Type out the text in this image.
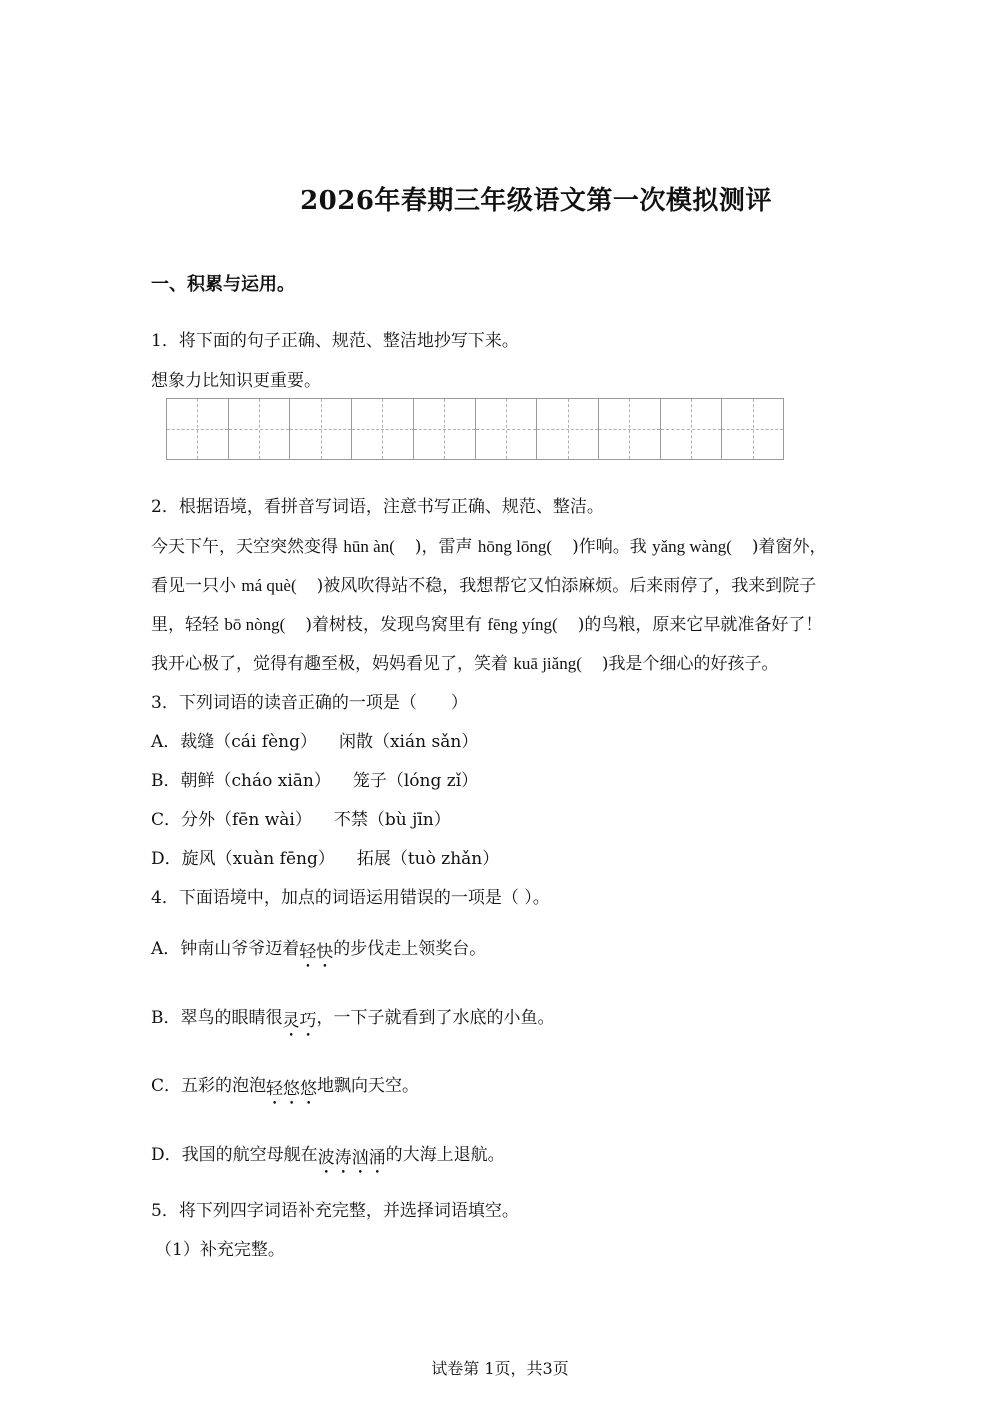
2026年春期三年级语文第一次模拟测评
一、积累与运用。
1．将下面的句子正确、规范、整洁地抄写下来。
想象力比知识更重要。
2．根据语境，看拼音写词语，注意书写正确、规范、整洁。
今天下午，天空突然变得 hūn àn( )，雷声 hōng lōng( )作响。我 yǎng wàng( )着窗外，
看见一只小 má què( )被风吹得站不稳，我想帮它又怕添麻烦。后来雨停了，我来到院子
里，轻轻 bō nòng( )着树枝，发现鸟窝里有 fēng yíng( )的鸟粮，原来它早就准备好了！
我开心极了，觉得有趣至极，妈妈看见了，笑着 kuā jiǎng( )我是个细心的好孩子。
3．下列词语的读音正确的一项是（　　）
A．裁缝（cái fèng） 闲散（xián sǎn）
B．朝鲜（cháo xiān） 笼子（lóng zǐ）
C．分外（fēn wài） 不禁（bù jīn）
D．旋风（xuàn fēng） 拓展（tuò zhǎn）
4．下面语境中，加点的词语运用错误的一项是（ ）。
A．钟南山爷爷迈着轻快的步伐走上领奖台。
B．翠鸟的眼睛很灵巧，一下子就看到了水底的小鱼。
C．五彩的泡泡轻悠悠地飘向天空。
D．我国的航空母舰在波涛汹涌的大海上退航。
5．将下列四字词语补充完整，并选择词语填空。
（1）补充完整。
试卷第 1页，共3页
